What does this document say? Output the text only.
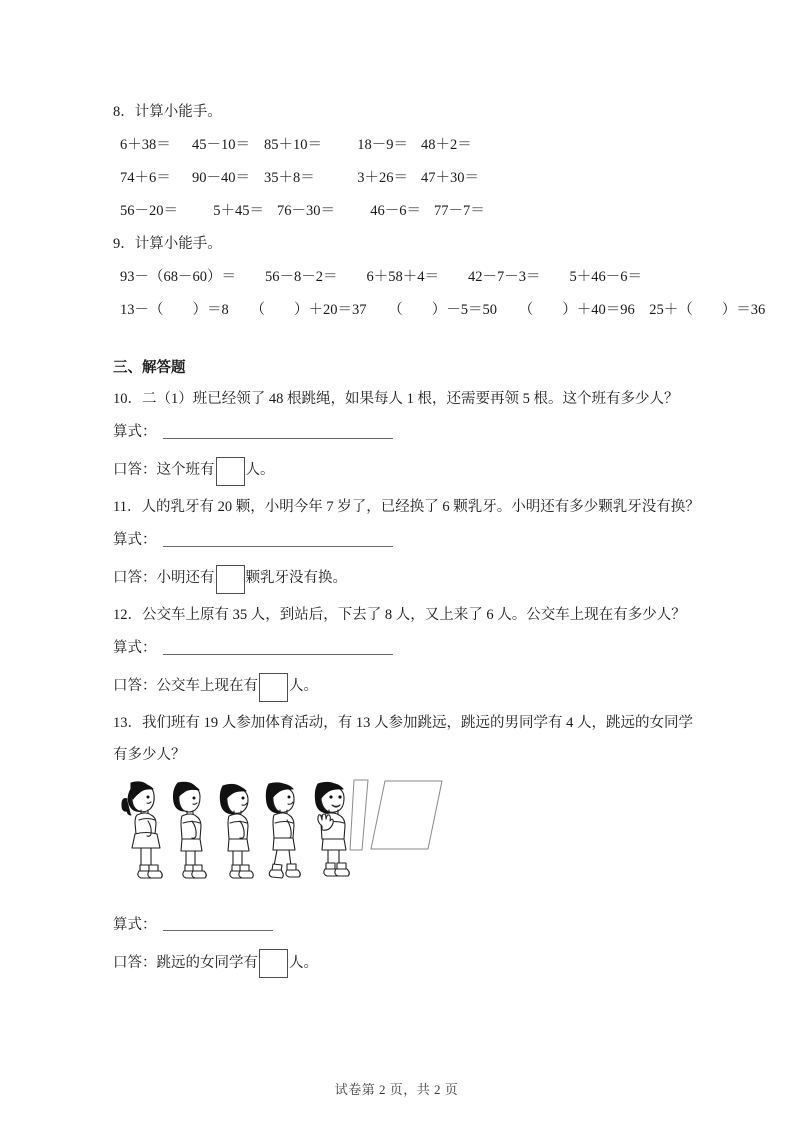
8．计算小能手。
6＋38＝ 45－10＝ 85＋10＝ 18－9＝ 48＋2＝
74＋6＝ 90－40＝ 35＋8＝	3＋26＝ 47＋30＝
56－20＝ 5＋45＝ 76－30＝ 46－6＝ 77－7＝
9．计算小能手。
93－（68－60）＝　　56－8－2＝　　6＋58＋4＝　　42－7－3＝　　5＋46－6＝
13－（　　）＝8　　（　　）＋20＝37　　（　　）－5＝50　　（　　）＋40＝96　25＋（　　）＝36
三、解答题
10．二（1）班已经领了 48 根跳绳，如果每人 1 根，还需要再领 5 根。这个班有多少人？
算式：
口答：这个班有 人。
11．人的乳牙有 20 颗，小明今年 7 岁了，已经换了 6 颗乳牙。小明还有多少颗乳牙没有换？
算式：
口答：小明还有 颗乳牙没有换。
12．公交车上原有 35 人，到站后，下去了 8 人，又上来了 6 人。公交车上现在有多少人？
算式：
口答：公交车上现在有 人。
13．我们班有 19 人参加体育活动，有 13 人参加跳远，跳远的男同学有 4 人，跳远的女同学
有多少人？
算式：
口答：跳远的女同学有 人。
试卷第 2 页，共 2 页
